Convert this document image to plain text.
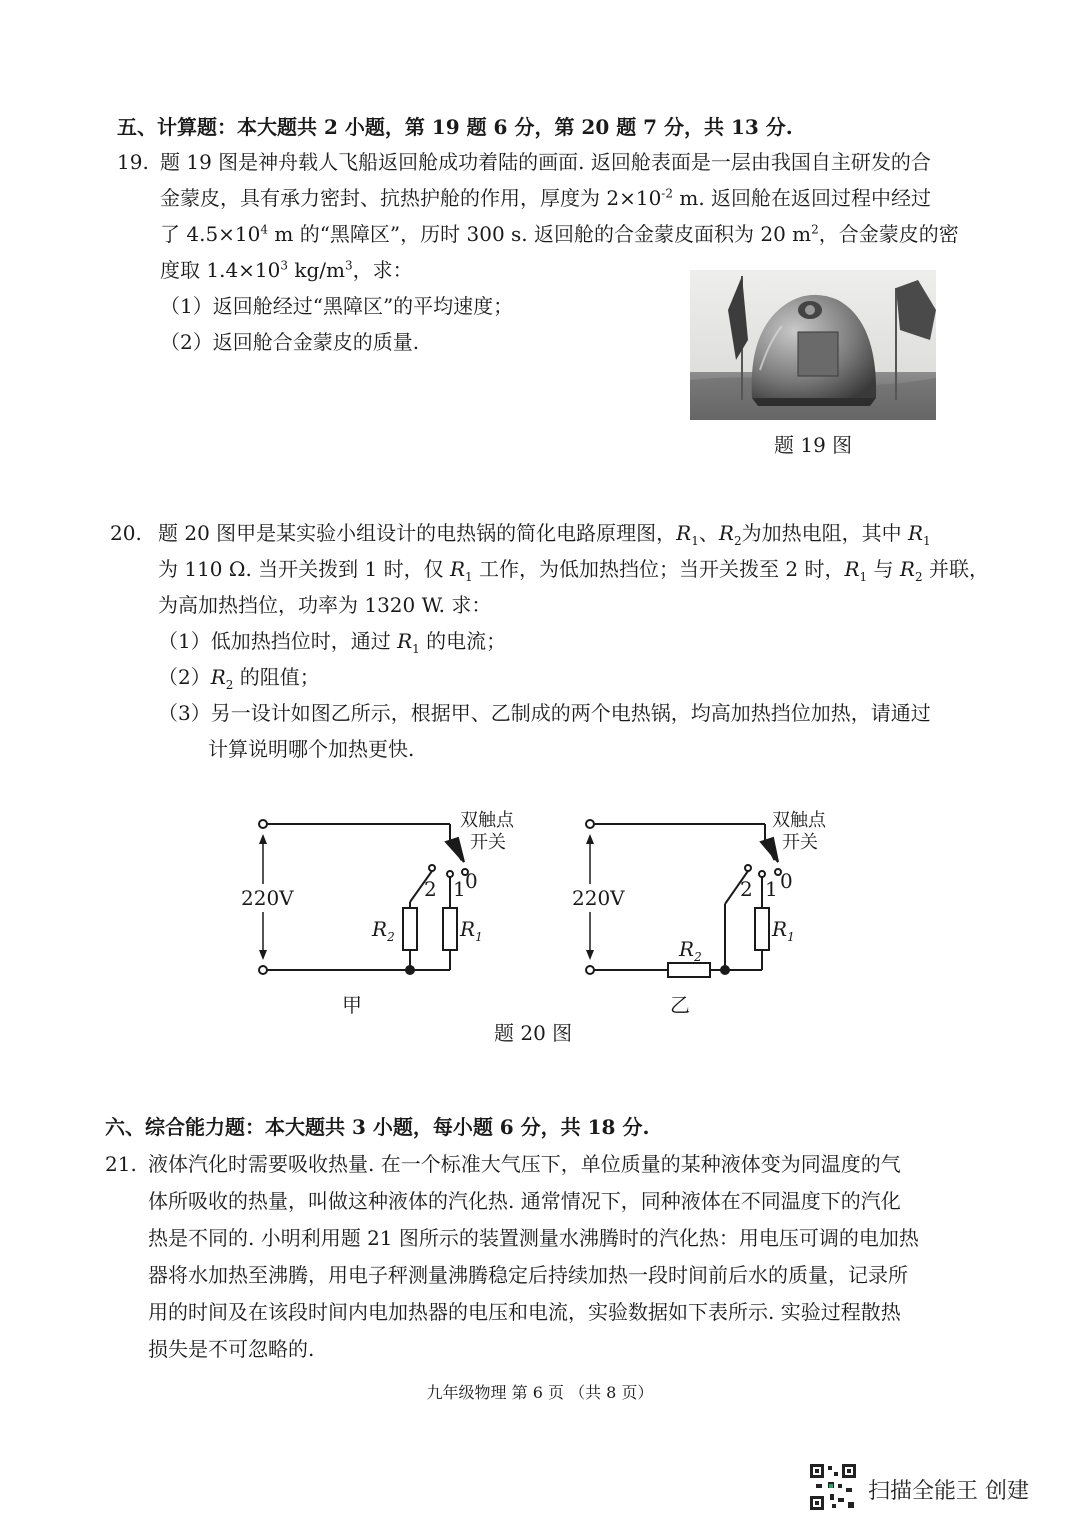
五、计算题：本大题共 2 小题，第 19 题 6 分，第 20 题 7 分，共 13 分.
19. 题 19 图是神舟载人飞船返回舱成功着陆的画面. 返回舱表面是一层由我国自主研发的合
金蒙皮，具有承力密封、抗热护舱的作用，厚度为 $2\times 10^{-2}$ m. 返回舱在返回过程中经过
了 $4.5\times 10^4$ m 的“黑障区”，历时 300 s. 返回舱的合金蒙皮面积为 20 $m^2$，合金蒙皮的密
度取 $1.4\times 10^3$ $kg/m^3$，求：
（1）返回舱经过“黑障区”的平均速度；
（2）返回舱合金蒙皮的质量.
题 19 图
20. 题 20 图甲是某实验小组设计的电热锅的简化电路原理图，$R_1$、$R_2$为加热电阻，其中 $R_1$
为 110 Ω. 当开关拨到 1 时，仅 $R_1$ 工作，为低加热挡位；当开关拨至 2 时，$R_1$ 与 $R_2$ 并联，
为高加热挡位，功率为 1320 W. 求：
（1）低加热挡位时，通过 $R_1$ 的电流；
$(2)R_2$ 的阻值；
（3）另一设计如图乙所示，根据甲、乙制成的两个电热锅，均高加热挡位加热，请通过
计算说明哪个加热更快.
220V
双触点
开关
2 1 0
$R_2$	$R_1$
甲
220V
双触点
开关
2 1 0
$R_2$
$R_1$
乙
题 20 图
六、综合能力题：本大题共 3 小题，每小题 6 分，共 18 分.
21. 液体汽化时需要吸收热量. 在一个标准大气压下，单位质量的某种液体变为同温度的气
体所吸收的热量，叫做这种液体的汽化热. 通常情况下，同种液体在不同温度下的汽化
热是不同的. 小明利用题 21 图所示的装置测量水沸腾时的汽化热：用电压可调的电加热
器将水加热至沸腾，用电子秤测量沸腾稳定后持续加热一段时间前后水的质量，记录所
用的时间及在该段时间内电加热器的电压和电流，实验数据如下表所示. 实验过程散热
损失是不可忽略的.
九年级物理 第 6 页 （共 8 页）
扫描全能王 创建
